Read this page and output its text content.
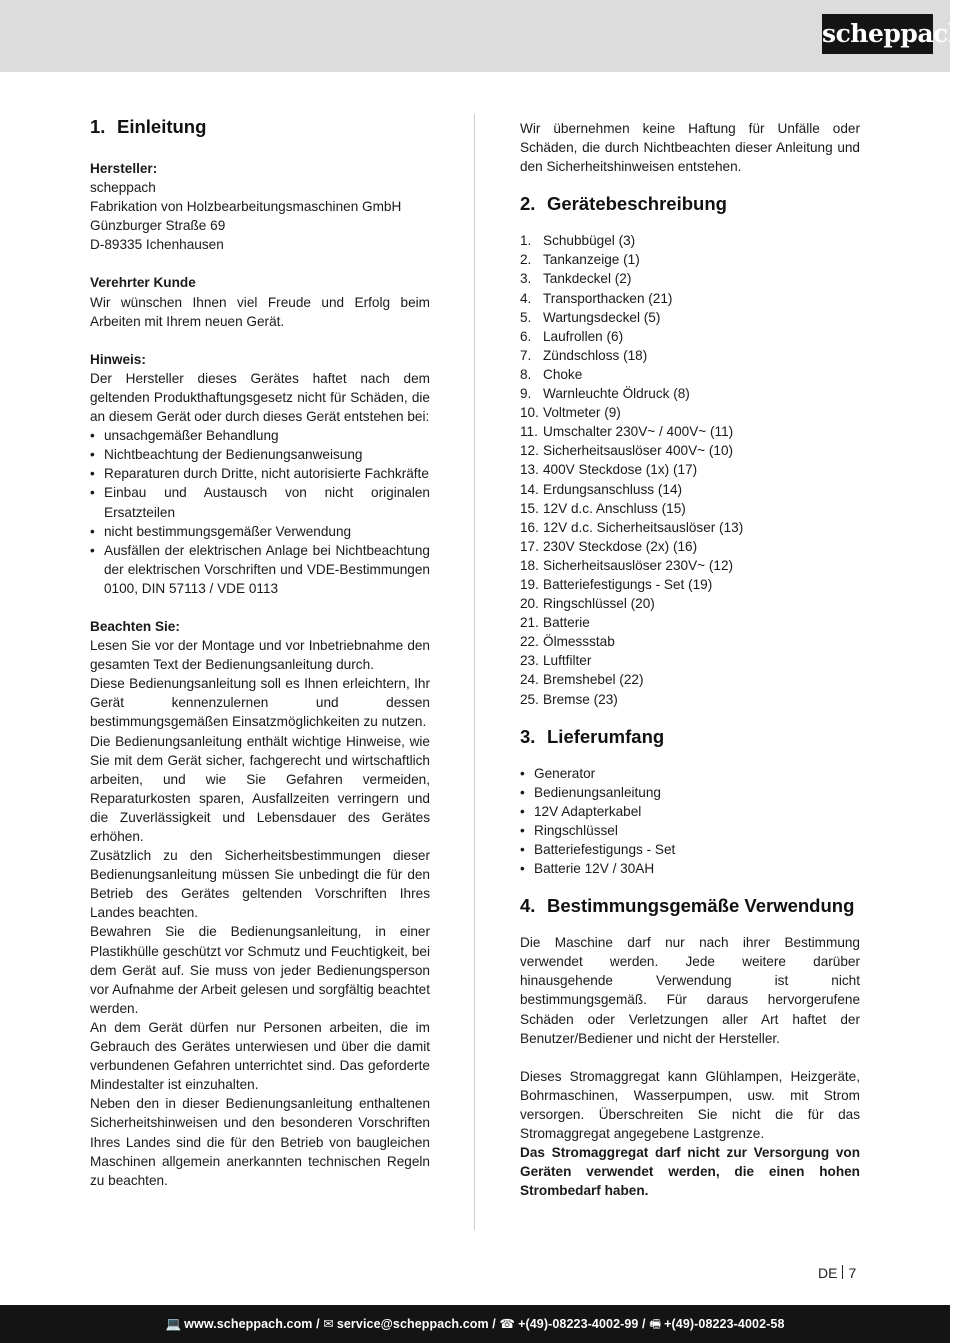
scheppach
1. Einleitung
Hersteller:
scheppach
Fabrikation von Holzbearbeitungsmaschinen GmbH
Günzburger Straße 69
D-89335 Ichenhausen
Verehrter Kunde

Wir wünschen Ihnen viel Freude und Erfolg beim Arbeiten mit Ihrem neuen Gerät.

Hinweis:

Der Hersteller dieses Gerätes haftet nach dem geltenden Produkthaftungsgesetz nicht für Schäden, die an diesem Gerät oder durch dieses Gerät entstehen bei:

• unsachgemäßer Behandlung
• Nichtbeachtung der Bedienungsanweisung
• Reparaturen durch Dritte, nicht autorisierte Fachkräfte
• Einbau und Austausch von nicht originalen Ersatzteilen
• nicht bestimmungsgemäßer Verwendung
• Ausfällen der elektrischen Anlage bei Nichtbeachtung der elektrischen Vorschriften und VDE-Bestimmungen 0100, DIN 57113 / VDE 0113
Beachten Sie:

Lesen Sie vor der Montage und vor Inbetriebnahme den gesamten Text der Bedienungsanleitung durch.

Diese Bedienungsanleitung soll es Ihnen erleichtern, Ihr Gerät kennenzulernen und dessen bestimmungsgemäßen Einsatzmöglichkeiten zu nutzen.

Die Bedienungsanleitung enthält wichtige Hinweise, wie Sie mit dem Gerät sicher, fachgerecht und wirtschaftlich arbeiten, und wie Sie Gefahren vermeiden, Reparaturkosten sparen, Ausfallzeiten verringern und die Zuverlässigkeit und Lebensdauer des Gerätes erhöhen.

Zusätzlich zu den Sicherheitsbestimmungen dieser Bedienungsanleitung müssen Sie unbedingt die für den Betrieb des Gerätes geltenden Vorschriften Ihres Landes beachten.

Bewahren Sie die Bedienungsanleitung, in einer Plastikhülle geschützt vor Schmutz und Feuchtigkeit, bei dem Gerät auf. Sie muss von jeder Bedienungsperson vor Aufnahme der Arbeit gelesen und sorgfältig beachtet werden.

An dem Gerät dürfen nur Personen arbeiten, die im Gebrauch des Gerätes unterwiesen und über die damit verbundenen Gefahren unterrichtet sind. Das geforderte Mindestalter ist einzuhalten.

Neben den in dieser Bedienungsanleitung enthaltenen Sicherheitshinweisen und den besonderen Vorschriften Ihres Landes sind die für den Betrieb von baugleichen Maschinen allgemein anerkannten technischen Regeln zu beachten.

Wir übernehmen keine Haftung für Unfälle oder Schäden, die durch Nichtbeachten dieser Anleitung und den Sicherheitshinweisen entstehen.

2. Gerätebeschreibung
1. Schubbügel (3)
2. Tankanzeige (1)
3. Tankdeckel (2)
4. Transporthacken (21)
5. Wartungsdeckel (5)
6. Laufrollen (6)
7. Zündschloss (18)
8. Choke
9. Warnleuchte Öldruck (8)
10. Voltmeter (9)
11. Umschalter 230V~ / 400V~ (11)
12. Sicherheitsauslöser 400V~ (10)
13. 400V Steckdose (1x) (17)
14. Erdungsanschluss (14)
15. 12V d.c. Anschluss (15)
16. 12V d.c. Sicherheitsauslöser (13)
17. 230V Steckdose (2x) (16)
18. Sicherheitsauslöser 230V~ (12)
19. Batteriefestigungs - Set (19)
20. Ringschlüssel (20)
21. Batterie
22. Ölmessstab
23. Luftfilter
24. Bremshebel (22)
25. Bremse (23)
3. Lieferumfang
• Generator
• Bedienungsanleitung
• 12V Adapterkabel
• Ringschlüssel
• Batteriefestigungs - Set
• Batterie 12V / 30AH
4. Bestimmungsgemäße Verwendung

Die Maschine darf nur nach ihrer Bestimmung verwendet werden. Jede weitere darüber hinausgehende Verwendung ist nicht bestimmungsgemäß. Für daraus hervorgerufene Schäden oder Verletzungen aller Art haftet der Benutzer/Bediener und nicht der Hersteller.

Dieses Stromaggregat kann Glühlampen, Heizgeräte, Bohrmaschinen, Wasserpumpen, usw. mit Strom versorgen. Überschreiten Sie nicht die für das Stromaggregat angegebene Lastgrenze.

Das Stromaggregat darf nicht zur Versorgung von Geräten verwendet werden, die einen hohen Strombedarf haben.

DE 7
💻 www.scheppach.com / ✉ service@scheppach.com / ☎ +(49)-08223-4002-99 / 🖷 +(49)-08223-4002-58
